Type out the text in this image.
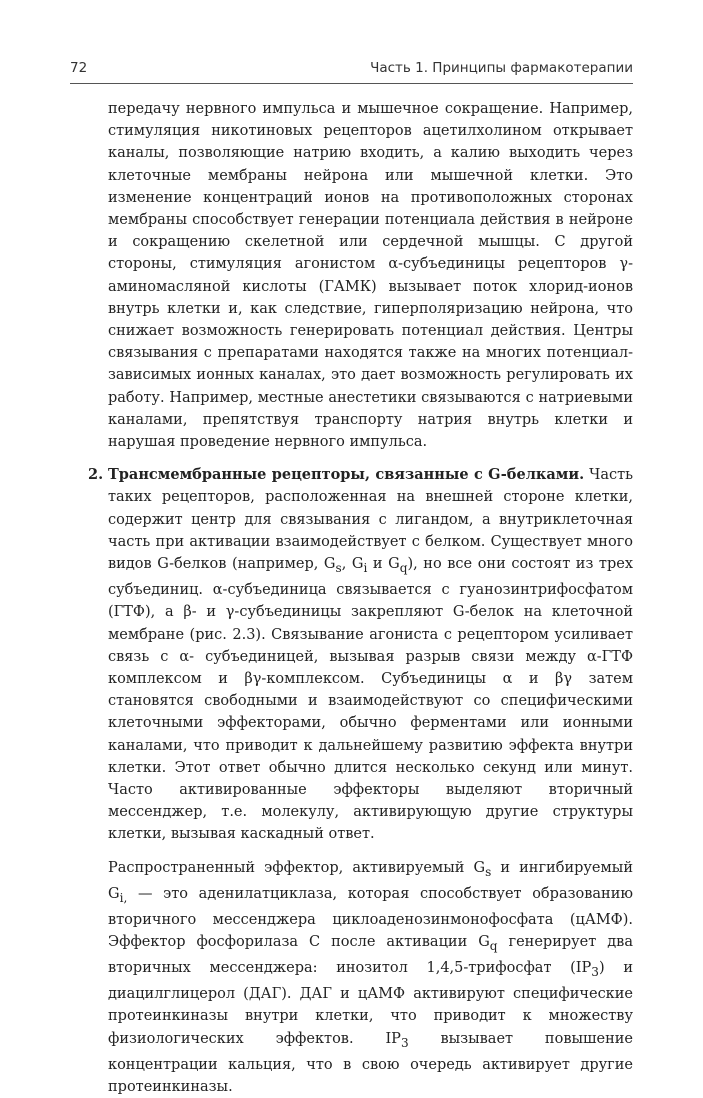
72	Часть 1. Принципы фармакотерапии

передачу нервного импульса и мышечное сокращение. Например, стимуляция никотиновых рецепторов ацетилхолином открывает каналы, позволяющие натрию входить, а калию выходить через клеточные мембраны нейрона или мышечной клетки. Это изменение концентраций ионов на противоположных сторонах мембраны способствует генерации потенциала действия в нейроне и сокращению скелетной или сердечной мышцы. С другой стороны, стимуляция агонистом α-субъединицы рецепторов γ-аминомасляной кислоты (ГАМК) вызывает поток хлорид-ионов внутрь клетки и, как следствие, гиперполяризацию нейрона, что снижает возможность генерировать потенциал действия. Центры связывания с препаратами находятся также на многих потенциал-зависимых ионных каналах, это дает возможность регулировать их работу. Например, местные анестетики связываются с натриевыми каналами, препятствуя транспорту натрия внутрь клетки и нарушая проведение нервного импульса.

2. Трансмембранные рецепторы, связанные с G-белками. Часть таких рецепторов, расположенная на внешней стороне клетки, содержит центр для связывания с лигандом, а внутриклеточная часть при активации взаимодействует с белком. Существует много видов G-белков (например, $G_s$, $G_i$ и $G_q$), но все они состоят из трех субъединиц. α-субъединица связывается с гуанозинтрифосфатом (ГТФ), а β- и γ-субъединицы закрепляют G-белок на клеточной мембране (рис. 2.3). Связывание агониста с рецептором усиливает связь с α- субъединицей, вызывая разрыв связи между α-ГТФ комплексом и βγ-комплексом. Субъединицы α и βγ затем становятся свободными и взаимодействуют со специфическими клеточными эффекторами, обычно ферментами или ионными каналами, что приводит к дальнейшему развитию эффекта внутри клетки. Этот ответ обычно длится несколько секунд или минут. Часто активированные эффекторы выделяют вторичный мессенджер, т.е. молекулу, активирующую другие структуры клетки, вызывая каскадный ответ.

Распространенный эффектор, активируемый $G_s$ и ингибируемый $G_{i,}$ — это аденилатциклаза, которая способствует образованию вторичного мессенджера циклоаденозинмонофосфата (цАМФ). Эффектор фосфорилаза С после активации $G_q$ генерирует два вторичных мессенджера: инозитол 1,4,5-трифосфат $(IP_3)$ и диацилглицерол (ДАГ). ДАГ и цАМФ активируют специфические протеинкиназы внутри клетки, что приводит к множеству физиологических эффектов. $IP_3$ вызывает повышение концентрации кальция, что в свою очередь активирует другие протеинкиназы.
